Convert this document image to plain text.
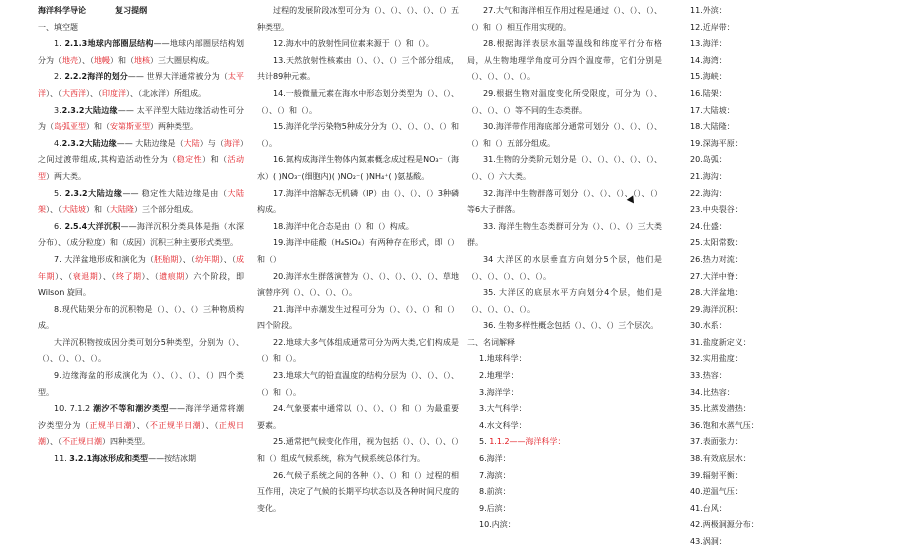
海洋科学导论	复习提纲

一、填空题

1. 2.1.3地球内部圈层结构——地球内部圈层结构划分为（地壳）、（地幔）和（地核）三大圈层构成。

2. 2.2.2海洋的划分—— 世界大洋通常被分为（太平洋）、（大西洋）、（印度洋）、（北冰洋）所组成。

3.2.3.2大陆边缘—— 太平洋型大陆边缘活动性可分为（岛弧亚型）和（安第斯亚型）两种类型。

4.2.3.2大陆边缘—— 大陆边缘是（大陆）与（海洋）之间过渡带组成,其构造活动性分为（稳定性）和（活动型）两大类。

5. 2.3.2大陆边缘—— 稳定性大陆边缘是由（大陆架）、（大陆坡）和（大陆隆）三个部分组成。

6. 2.5.4大洋沉积——海洋沉积分类具体是指（水深分布）、（成分粒度）和（成因）沉积三种主要形式类型。

7. 大洋盆地形成和演化为（胚胎期）、（幼年期）、（成年期）、（衰退期）、（终了期）、（遗痕期）六个阶段，即Wilson 旋回。

8.现代陆架分布的沉积物是（）、（）、（）三种物质构成。

大洋沉积物按成因分类可划分5种类型，分别为（）、（）、（）、（）、（）。

9.边缘海盆的形成演化为（）、（）、（）、（）四个类型。

10. 7.1.2 潮汐不等和潮汐类型——海洋学通常将潮汐类型分为（正规半日潮）、（不正规半日潮）、（正规日潮）、（不正规日潮）四种类型。

11. 3.2.1海冰形成和类型——按结冰期

过程的发展阶段冰型可分为（）、（）、（）、（）、（）五种类型。

12.海水中的放射性同位素来源于（）和（）。

13.天然放射性核素由（）、（）、（）三个部分组成，共计89种元素。

14.一般微量元素在海水中形态划分类型为（）、（）、（）、（）和（）。

15.海洋化学污染物5种成分分为（）、（）、（）、（）和（）。

16.氮构成海洋生物体内氮素概念成过程是NO₃⁻（海水）( )NO₃⁻(细胞内)( )NO₂⁻( )NH₄⁺( )氨基酸。

17.海洋中溶解态无机磷（IP）由（）、（）、（）3种磷构成。

18.海洋中化合态是由（）和（）构成。

19.海洋中硅酸（H₄SiO₄）有两种存在形式，即（）和（）

20.海洋水生群落演替为（）、（）、（）、（）、（）、草地演替序列（）、（）、（）、（）。

21.海洋中赤潮发生过程可分为（）、（）、（）和（）四个阶段。

22.地球大多气体组成通常可分为两大类,它们构成是（）和（）。

23.地球大气的铅直温度的结构分层为（）、（）、（）、（）和（）。

24.气象要素中通常以（）、（）、（）和（）为最重要要素。

25.通常把气候变化作用，视为包括（）、（）、（）、（）和（）组成气候系统，称为气候系统总体行为。

26.气候子系统之间的各种（）、（）和（）过程的相互作用，决定了气候的长期平均状态以及各种时间尺度的变化。

27.大气和海洋相互作用过程是通过（）、（）、（）、（）和（）相互作用实现的。

28.根据海洋表层水温等温线和纬度平行分布格局，从生物地理学角度可分四个温度带，它们分别是（）、（）、（）、（）。

29.根据生物对温度变化所受限度，可分为（）、（）、（）、（）等不同的生态类群。

30.海洋带作用海底部分通常可划分（）、（）、（）、（）和（）五部分组成。

31.生物的分类阶元划分是（）、（）、（）、（）、（）、（）、（）六大类。

32.海洋中生物群落可划分（）、（）、（）、（）、（）等6大子群落。

33. 海洋生物生态类群可分为（）、（）、（）三大类群。

34 大洋区的水层垂直方向划分5个层，他们是（）、（）、（）、（）、（）。

35. 大洋区的底层水平方向划分4个层，他们是（）、（）、（）、（）。

36. 生物多样性概念包括（）、（）、（）三个层次。

二、名词解释

1.地球科学：

2.地理学：

3.海洋学：

3.大气科学：

4.水文科学：

5. 1.1.2——海洋科学：

6.海洋：

7.海滨：

8.前滨：

9.后滨：

10.内滨：

11.外滨：

12.近岸带：

13.海洋：

14.海湾：

15.海峡：

16.陆架：

17.大陆坡：

18.大陆隆：

19.深海平原：

20.岛弧：

21.海沟：

22.海沟：

23.中央裂谷：

24.仕盛：

25.太阳常数：

26.热力对流：

27.大洋中脊：

28.大洋盆地：

29.海洋沉积：

30.水系：

31.盐度新定义：

32.实用盐度：

33.热容：

34.比热容：

35.比蒸发潜热：

36.饱和水蒸气压：

37.表面张力：

38.有效底层水：

39.辐射平衡：

40.逆温气压：

41.台风：

42.两极洞源分布：

43.涡洞：
